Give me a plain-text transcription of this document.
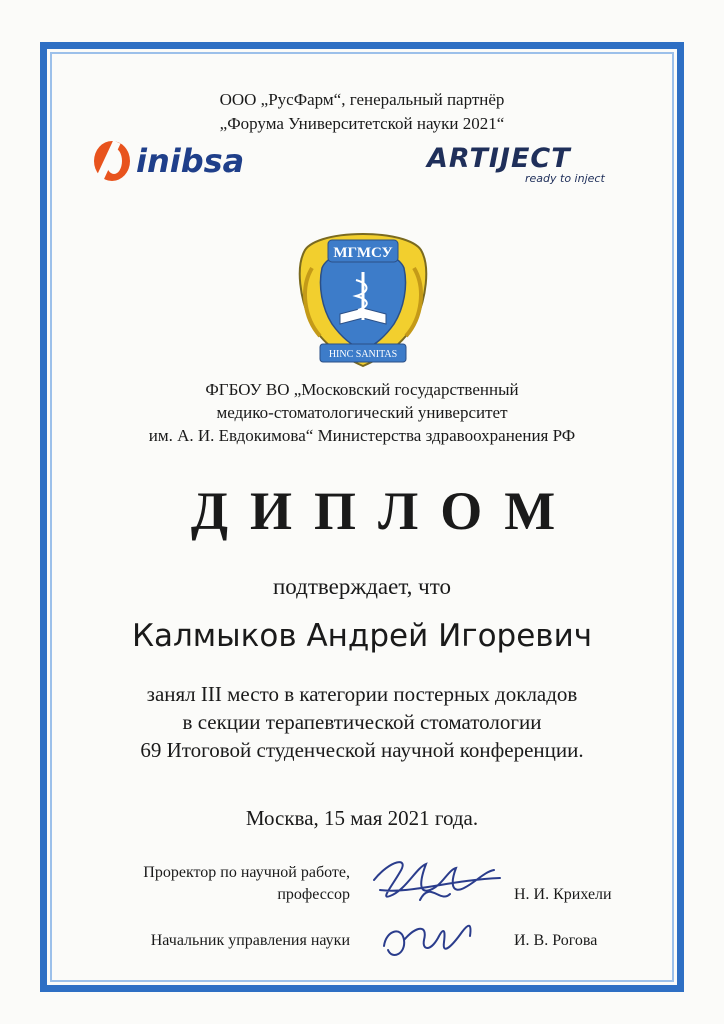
ООО „РусФарм“, генеральный партнёр
„Форума Университетской науки 2021“
inibsa	ARTIJECT
ready to inject
МГМСУ
HINC SANITAS
ФГБОУ ВО „Московский государственный
медико-стоматологический университет
им. А. И. Евдокимова“ Министерства здравоохранения РФ
ДИПЛОМ
подтверждает, что
Калмыков Андрей Игоревич
занял III место в категории постерных докладов
в секции терапевтической стоматологии
69 Итоговой студенческой научной конференции.
Москва, 15 мая 2021 года.
Проректор по научной работе,
профессор	Н. И. Крихели
Начальник управления науки	И. В. Рогова
